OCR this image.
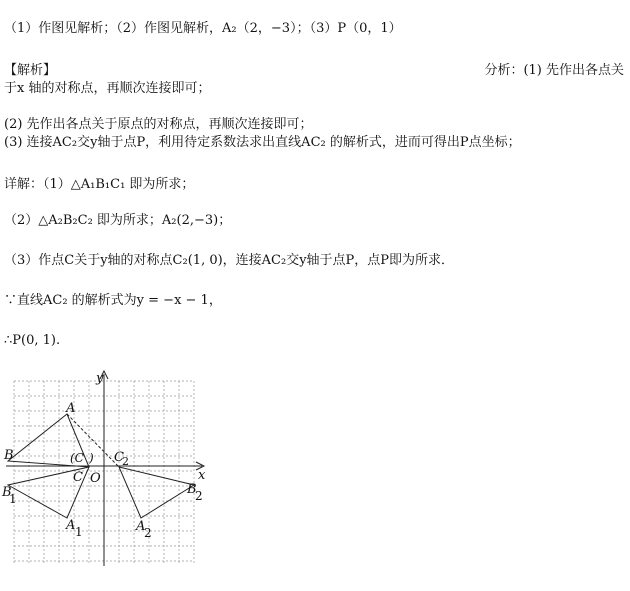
（1）作图见解析；（2）作图见解析，A₂（2，−3）；（3）P（0，1）
【解析】	分析：(1) 先作出各点关
于x 轴的对称点，再顺次连接即可；
(2) 先作出各点关于原点的对称点，再顺次连接即可；
(3) 连接AC₂交y轴于点P，利用待定系数法求出直线AC₂ 的解析式，进而可得出P点坐标；
详解：（1）△A₁B₁C₁ 即为所求；
（2）△A₂B₂C₂ 即为所求；A₂(2,−3)；
（3）作点C关于y轴的对称点C₂(1, 0)，连接AC₂交y轴于点P，点P即为所求．
∵直线AC₂ 的解析式为y = −x − 1，
∴P(0, 1).
y
x
O
A
B
C
(C )
A 1
B
1
C
2
A
2
B
2
